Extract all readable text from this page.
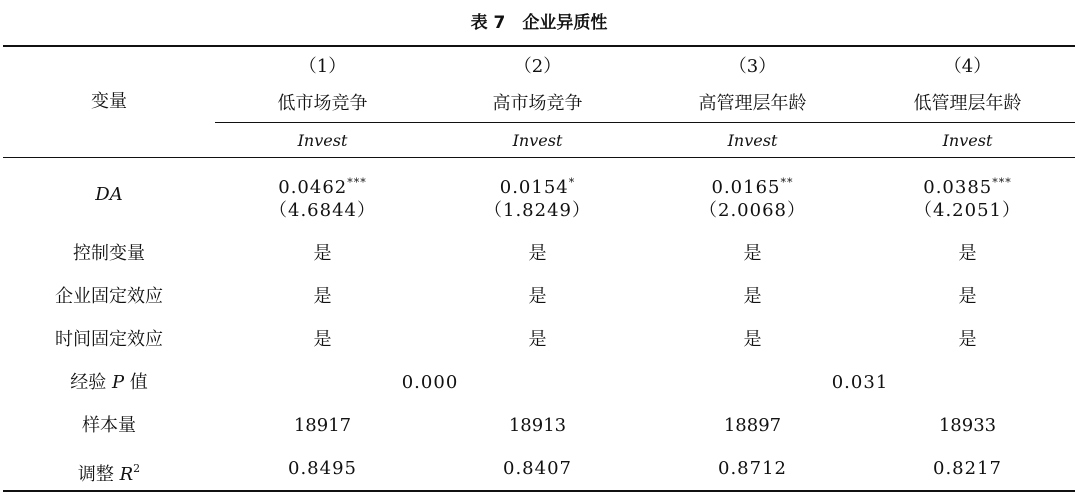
表 7　企业异质性
变量
（1）	（2）	（3）	（4）
低市场竞争	高市场竞争	高管理层年龄	低管理层年龄
Invest	Invest	Invest	Invest
DA	0.0462***	0.0154*	0.0165**	0.0385***
（4.6844）	（1.8249）	（2.0068）	（4.2051）
控制变量	是	是	是	是
企业固定效应	是	是	是	是
时间固定效应	是	是	是	是
经验 P 值	0.000	0.031
样本量	18917	18913	18897	18933
调整 $R^2$	0.8495	0.8407	0.8712	0.8217
